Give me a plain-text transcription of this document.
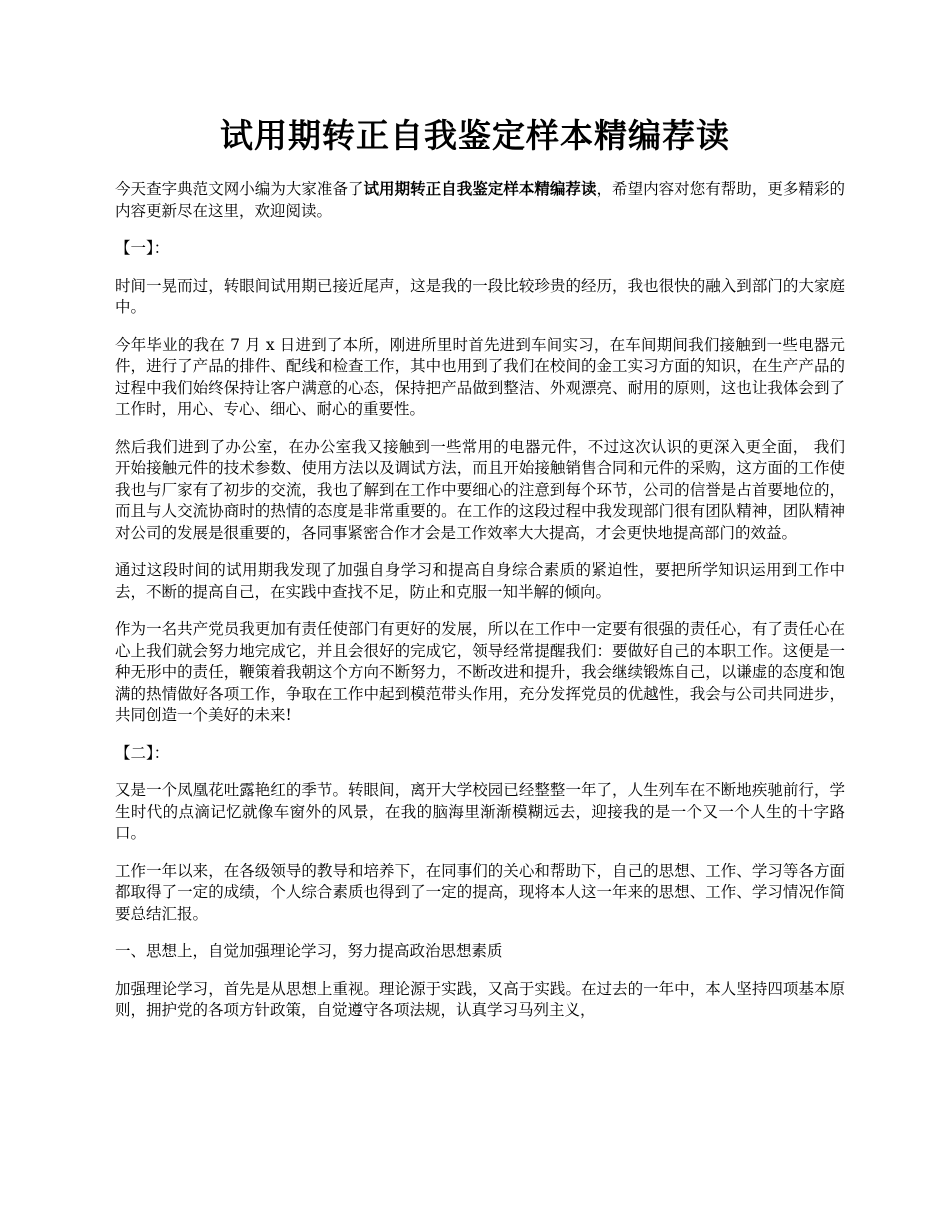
试用期转正自我鉴定样本精编荐读

今天查字典范文网小编为大家准备了试用期转正自我鉴定样本精编荐读，希望内容对您有帮助，更多精彩的内容更新尽在这里，欢迎阅读。

【一】：

时间一晃而过，转眼间试用期已接近尾声，这是我的一段比较珍贵的经历，我也很快的融入到部门的大家庭中。

今年毕业的我在 7 月 x 日进到了本所，刚进所里时首先进到车间实习，在车间期间我们接触到一些电器元件，进行了产品的排件、配线和检查工作，其中也用到了我们在校间的金工实习方面的知识，在生产产品的过程中我们始终保持让客户满意的心态，保持把产品做到整洁、外观漂亮、耐用的原则，这也让我体会到了工作时，用心、专心、细心、耐心的重要性。

然后我们进到了办公室，在办公室我又接触到一些常用的电器元件，不过这次认识的更深入更全面， 我们开始接触元件的技术参数、使用方法以及调试方法，而且开始接触销售合同和元件的采购，这方面的工作使我也与厂家有了初步的交流，我也了解到在工作中要细心的注意到每个环节，公司的信誉是占首要地位的，而且与人交流协商时的热情的态度是非常重要的。在工作的这段过程中我发现部门很有团队精神，团队精神对公司的发展是很重要的，各同事紧密合作才会是工作效率大大提高，才会更快地提高部门的效益。

通过这段时间的试用期我发现了加强自身学习和提高自身综合素质的紧迫性，要把所学知识运用到工作中去，不断的提高自己，在实践中查找不足，防止和克服一知半解的倾向。

作为一名共产党员我更加有责任使部门有更好的发展，所以在工作中一定要有很强的责任心，有了责任心在心上我们就会努力地完成它，并且会很好的完成它，领导经常提醒我们：要做好自己的本职工作。这便是一种无形中的责任，鞭策着我朝这个方向不断努力，不断改进和提升，我会继续锻炼自己，以谦虚的态度和饱满的热情做好各项工作，争取在工作中起到模范带头作用，充分发挥党员的优越性，我会与公司共同进步，共同创造一个美好的未来!

【二】：

又是一个凤凰花吐露艳红的季节。转眼间，离开大学校园已经整整一年了，人生列车在不断地疾驰前行，学生时代的点滴记忆就像车窗外的风景，在我的脑海里渐渐模糊远去，迎接我的是一个又一个人生的十字路口。

工作一年以来，在各级领导的教导和培养下，在同事们的关心和帮助下，自己的思想、工作、学习等各方面都取得了一定的成绩，个人综合素质也得到了一定的提高，现将本人这一年来的思想、工作、学习情况作简要总结汇报。

一、思想上，自觉加强理论学习，努力提高政治思想素质

加强理论学习，首先是从思想上重视。理论源于实践，又高于实践。在过去的一年中，本人坚持四项基本原则，拥护党的各项方针政策，自觉遵守各项法规，认真学习马列主义，
